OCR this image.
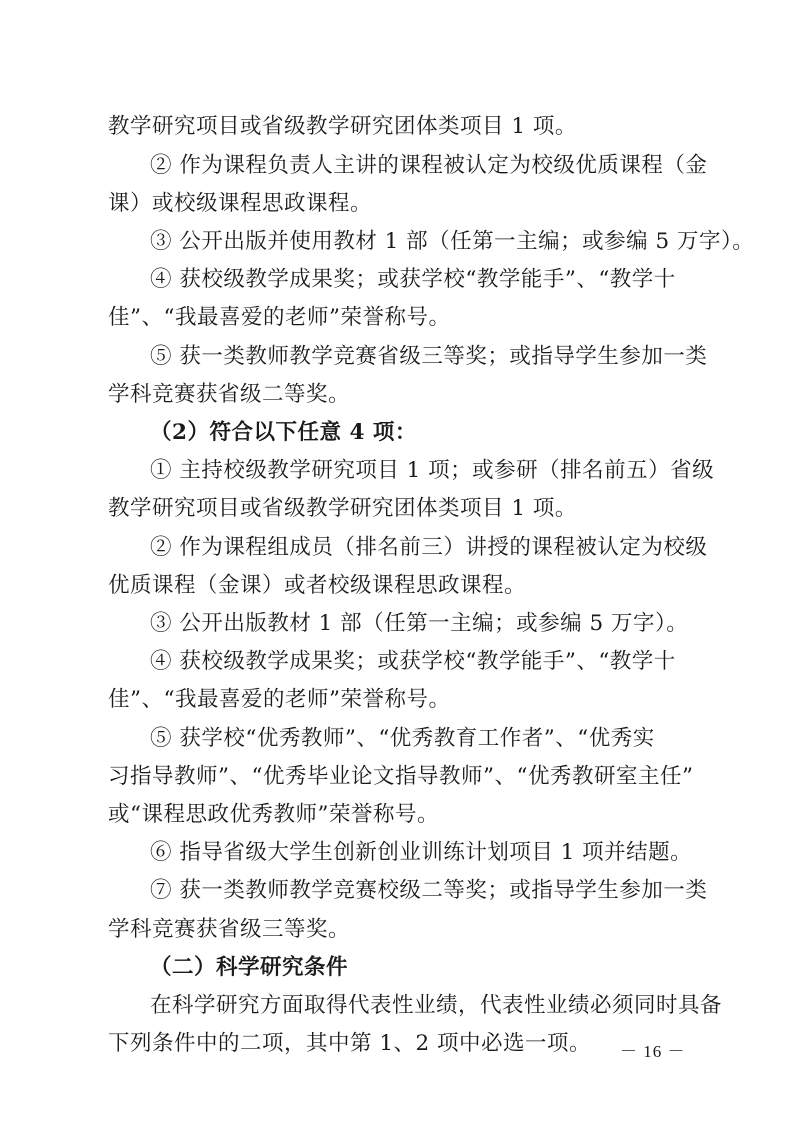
教学研究项目或省级教学研究团体类项目 1 项。
② 作为课程负责人主讲的课程被认定为校级优质课程（金
课）或校级课程思政课程。
③ 公开出版并使用教材 1 部（任第一主编；或参编 5 万字）。
④ 获校级教学成果奖；或获学校“教学能手”、“教学十
佳”、“我最喜爱的老师”荣誉称号。
⑤ 获一类教师教学竞赛省级三等奖；或指导学生参加一类
学科竞赛获省级二等奖。
（2）符合以下任意 4 项：
① 主持校级教学研究项目 1 项；或参研（排名前五）省级
教学研究项目或省级教学研究团体类项目 1 项。
② 作为课程组成员（排名前三）讲授的课程被认定为校级
优质课程（金课）或者校级课程思政课程。
③ 公开出版教材 1 部（任第一主编；或参编 5 万字）。
④ 获校级教学成果奖；或获学校“教学能手”、“教学十
佳”、“我最喜爱的老师”荣誉称号。
⑤ 获学校“优秀教师”、“优秀教育工作者”、“优秀实
习指导教师”、“优秀毕业论文指导教师”、“优秀教研室主任”
或“课程思政优秀教师”荣誉称号。
⑥ 指导省级大学生创新创业训练计划项目 1 项并结题。
⑦ 获一类教师教学竞赛校级二等奖；或指导学生参加一类
学科竞赛获省级三等奖。
（二）科学研究条件
在科学研究方面取得代表性业绩，代表性业绩必须同时具备
下列条件中的二项，其中第 1、2 项中必选一项。	－ 16 －
